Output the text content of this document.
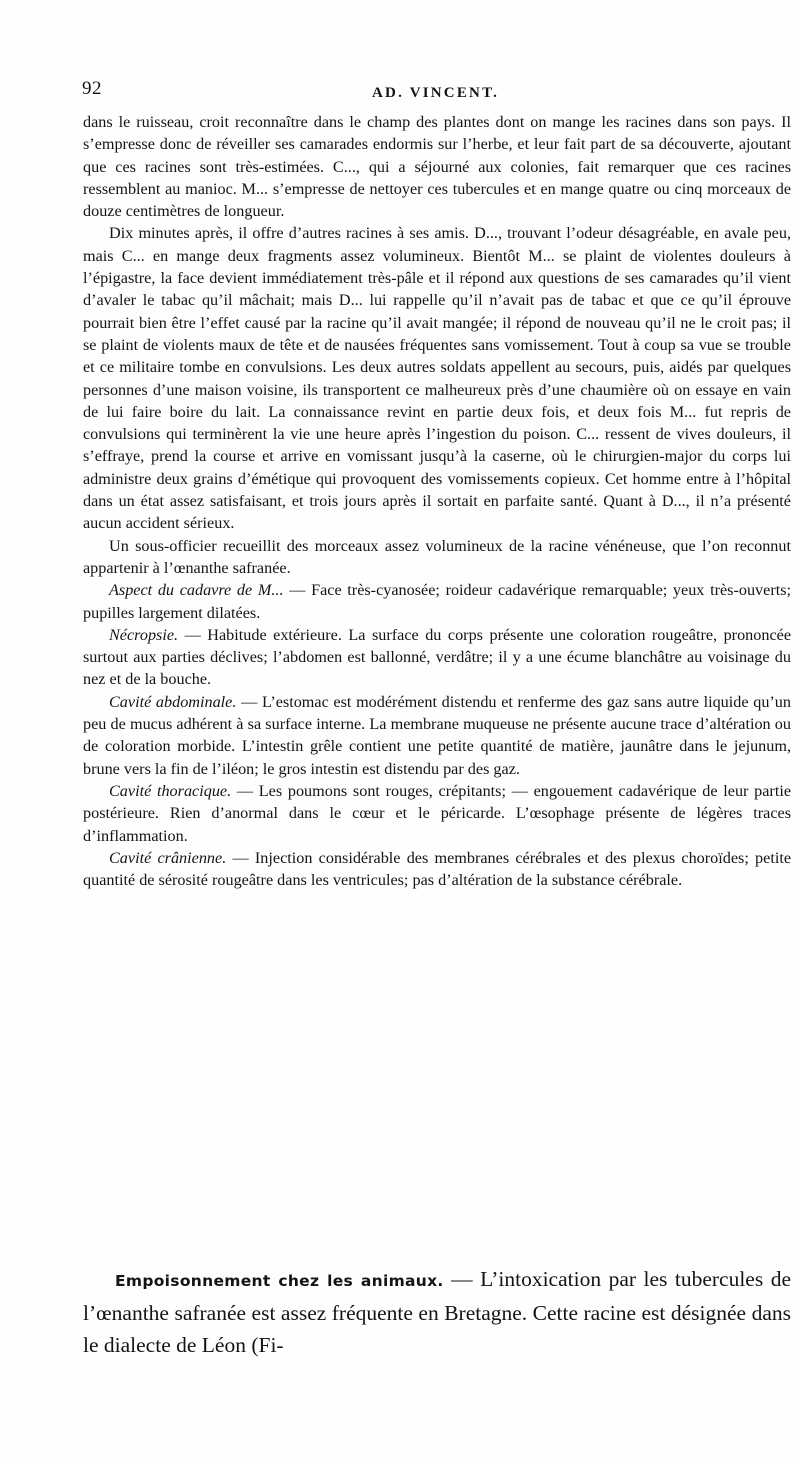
92	AD. VINCENT.

dans le ruisseau, croit reconnaître dans le champ des plantes dont on mange les racines dans son pays. Il s’empresse donc de réveiller ses camarades endormis sur l’herbe, et leur fait part de sa découverte, ajoutant que ces racines sont très-estimées. C..., qui a séjourné aux colonies, fait remarquer que ces racines ressemblent au manioc. M... s’empresse de nettoyer ces tubercules et en mange quatre ou cinq morceaux de douze centimètres de longueur.

Dix minutes après, il offre d’autres racines à ses amis. D..., trouvant l’odeur désagréable, en avale peu, mais C... en mange deux fragments assez volumineux. Bientôt M... se plaint de violentes douleurs à l’épigastre, la face devient immédiatement très-pâle et il répond aux questions de ses camarades qu’il vient d’avaler le tabac qu’il mâchait; mais D... lui rappelle qu’il n’avait pas de tabac et que ce qu’il éprouve pourrait bien être l’effet causé par la racine qu’il avait mangée; il répond de nouveau qu’il ne le croit pas; il se plaint de violents maux de tête et de nausées fréquentes sans vomissement. Tout à coup sa vue se trouble et ce militaire tombe en convulsions. Les deux autres soldats appellent au secours, puis, aidés par quelques personnes d’une maison voisine, ils transportent ce malheureux près d’une chaumière où on essaye en vain de lui faire boire du lait. La connaissance revint en partie deux fois, et deux fois M... fut repris de convulsions qui terminèrent la vie une heure après l’ingestion du poison. C... ressent de vives douleurs, il s’effraye, prend la course et arrive en vomissant jusqu’à la caserne, où le chirurgien-major du corps lui administre deux grains d’émétique qui provoquent des vomissements copieux. Cet homme entre à l’hôpital dans un état assez satisfaisant, et trois jours après il sortait en parfaite santé. Quant à D..., il n’a présenté aucun accident sérieux.

Un sous-officier recueillit des morceaux assez volumineux de la racine vénéneuse, que l’on reconnut appartenir à l’œnanthe safranée.

Aspect du cadavre de M... — Face très-cyanosée; roideur cadavérique remarquable; yeux très-ouverts; pupilles largement dilatées.

Nécropsie. — Habitude extérieure. La surface du corps présente une coloration rougeâtre, prononcée surtout aux parties déclives; l’abdomen est ballonné, verdâtre; il y a une écume blanchâtre au voisinage du nez et de la bouche.

Cavité abdominale. — L’estomac est modérément distendu et renferme des gaz sans autre liquide qu’un peu de mucus adhérent à sa surface interne. La membrane muqueuse ne présente aucune trace d’altération ou de coloration morbide. L’intestin grêle contient une petite quantité de matière, jaunâtre dans le jejunum, brune vers la fin de l’iléon; le gros intestin est distendu par des gaz.

Cavité thoracique. — Les poumons sont rouges, crépitants; — engouement cadavérique de leur partie postérieure. Rien d’anormal dans le cœur et le péricarde. L’œsophage présente de légères traces d’inflammation.

Cavité crânienne. — Injection considérable des membranes cérébrales et des plexus choroïdes; petite quantité de sérosité rougeâtre dans les ventricules; pas d’altération de la substance cérébrale.

Empoisonnement chez les animaux. — L’intoxication par les tubercules de l’œnanthe safranée est assez fréquente en Bretagne. Cette racine est désignée dans le dialecte de Léon (Fi-
